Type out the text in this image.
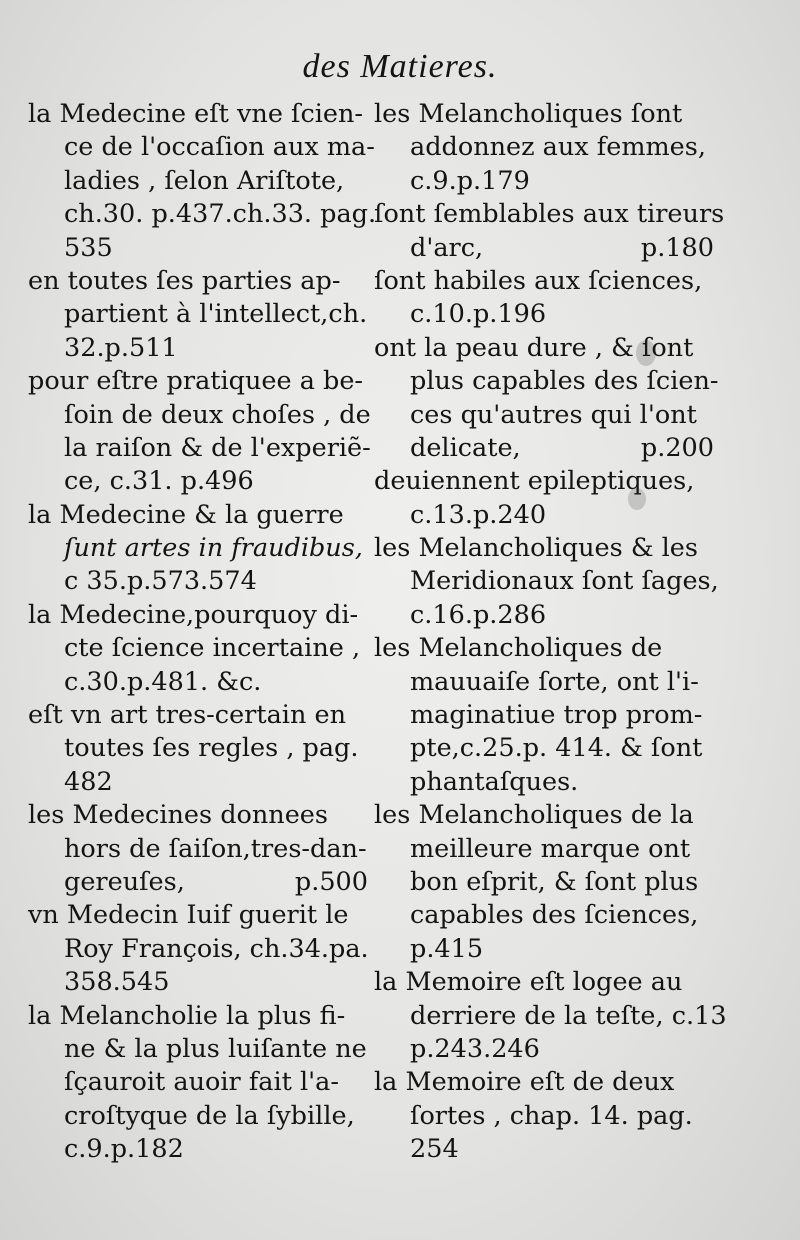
des Matieres.
la Medecine eſt vne ſcien-
ce de l'occaſion aux ma-
ladies , ſelon Ariſtote,
ch.30. p.437.ch.33. pag.
535
en toutes ſes parties ap-
partient à l'intellect,ch.
32.p.511
pour eſtre pratiquee a be-
ſoin de deux choſes , de
la raiſon & de l'experiẽ-
ce, c.31. p.496
la Medecine & la guerre
ſunt artes in fraudibus,
c 35.p.573.574
la Medecine,pourquoy di-
cte ſcience incertaine ,
c.30.p.481. &c.
eſt vn art tres-certain en
toutes ſes regles , pag.
482
les Medecines donnees
hors de ſaiſon,tres-dan-
gereuſes,	p.500
vn Medecin Iuif guerit le
Roy François, ch.34.pa.
358.545
la Melancholie la plus fi-
ne & la plus luiſante ne
ſçauroit auoir fait l'a-
croſtyque de la ſybille,
c.9.p.182
les Melancholiques ſont
addonnez aux femmes,
c.9.p.179
ſont ſemblables aux tireurs
d'arc,	p.180
ſont habiles aux ſciences,
c.10.p.196
ont la peau dure , & ſont
plus capables des ſcien-
ces qu'autres qui l'ont
delicate,	p.200
deuiennent epileptiques,
c.13.p.240
les Melancholiques & les
Meridionaux ſont ſages,
c.16.p.286
les Melancholiques de
mauuaiſe ſorte, ont l'i-
maginatiue trop prom-
pte,c.25.p. 414. & ſont
phantaſques.
les Melancholiques de la
meilleure marque ont
bon eſprit, & ſont plus
capables des ſciences,
p.415
la Memoire eſt logee au
derriere de la teſte, c.13
p.243.246
la Memoire eſt de deux
ſortes , chap. 14. pag.
254
